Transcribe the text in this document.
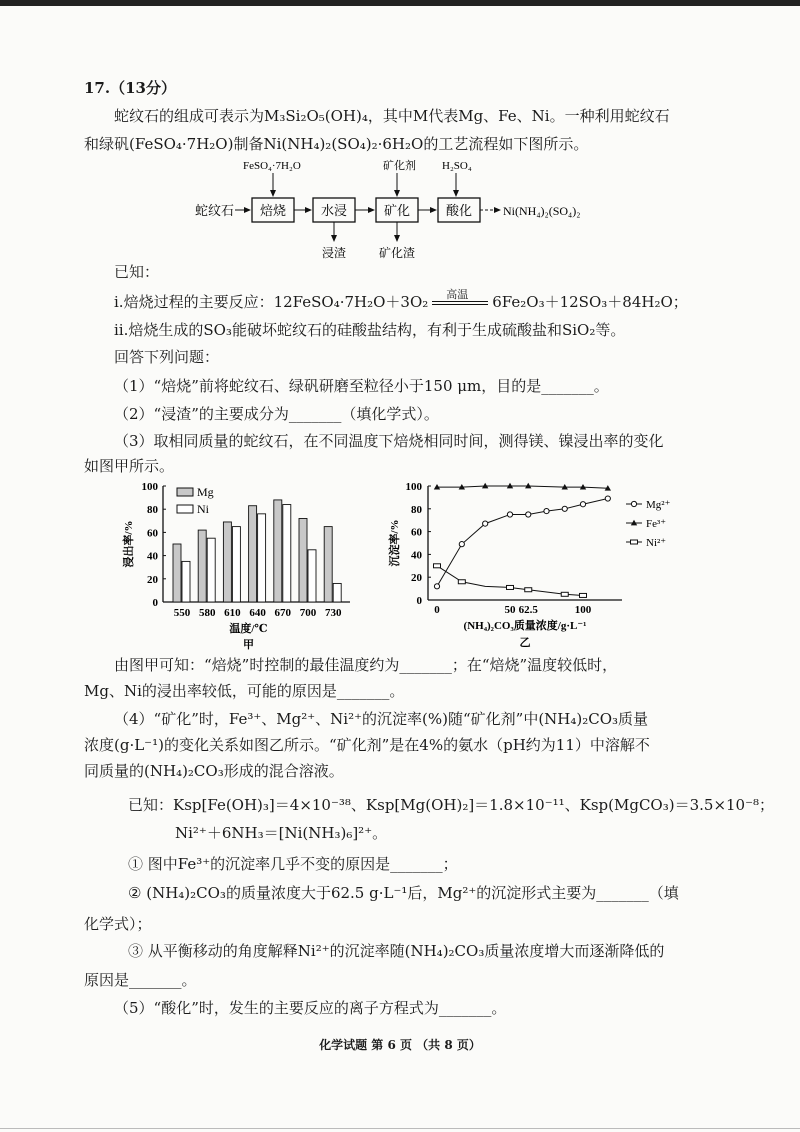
17.（13分）
蛇纹石的组成可表示为M₃Si₂O₅(OH)₄，其中M代表Mg、Fe、Ni。一种利用蛇纹石
和绿矾(FeSO₄·7H₂O)制备Ni(NH₄)₂(SO₄)₂·6H₂O的工艺流程如下图所示。
蛇纹石 焙烧	水浸	矿化	酸化	Ni(NH₄)₂(SO₄)₂
FeSO₄·7H₂O	矿化剂 H₂SO₄
浸渣	矿化渣
已知：
ⅰ.焙烧过程的主要反应：12FeSO₄·7H₂O＋3O₂ 高温 6Fe₂O₃＋12SO₃＋84H₂O；
ⅱ.焙烧生成的SO₃能破坏蛇纹石的硅酸盐结构，有利于生成硫酸盐和SiO₂等。
回答下列问题：
（1）“焙烧”前将蛇纹石、绿矾研磨至粒径小于150 μm，目的是_______。
（2）“浸渣”的主要成分为_______（填化学式）。
（3）取相同质量的蛇纹石，在不同温度下焙烧相同时间，测得镁、镍浸出率的变化
如图甲所示。
0
20
40
60
80
100
550 580 610 640 670 700 730
Mg
Ni
温度/℃
甲
浸出率/%
0
20
40
60
80
100
0	50 62.5	100
Mg²⁺
Fe³⁺
Ni²⁺
(NH₄)₂CO₃质量浓度/g·L⁻¹
乙
沉淀率/%
由图甲可知：“焙烧”时控制的最佳温度约为_______；在“焙烧”温度较低时，
Mg、Ni的浸出率较低，可能的原因是_______。
（4）“矿化”时，Fe³⁺、Mg²⁺、Ni²⁺的沉淀率(%)随“矿化剂”中(NH₄)₂CO₃质量
浓度(g·L⁻¹)的变化关系如图乙所示。“矿化剂”是在4%的氨水（pH约为11）中溶解不
同质量的(NH₄)₂CO₃形成的混合溶液。
已知：Ksp[Fe(OH)₃]＝4×10⁻³⁸、Ksp[Mg(OH)₂]＝1.8×10⁻¹¹、Ksp(MgCO₃)＝3.5×10⁻⁸；
Ni²⁺＋6NH₃＝[Ni(NH₃)₆]²⁺。
① 图中Fe³⁺的沉淀率几乎不变的原因是_______；
② (NH₄)₂CO₃的质量浓度大于62.5 g·L⁻¹后，Mg²⁺的沉淀形式主要为_______（填
化学式）；
③ 从平衡移动的角度解释Ni²⁺的沉淀率随(NH₄)₂CO₃质量浓度增大而逐渐降低的
原因是_______。
（5）“酸化”时，发生的主要反应的离子方程式为_______。
化学试题 第 6 页 （共 8 页）
